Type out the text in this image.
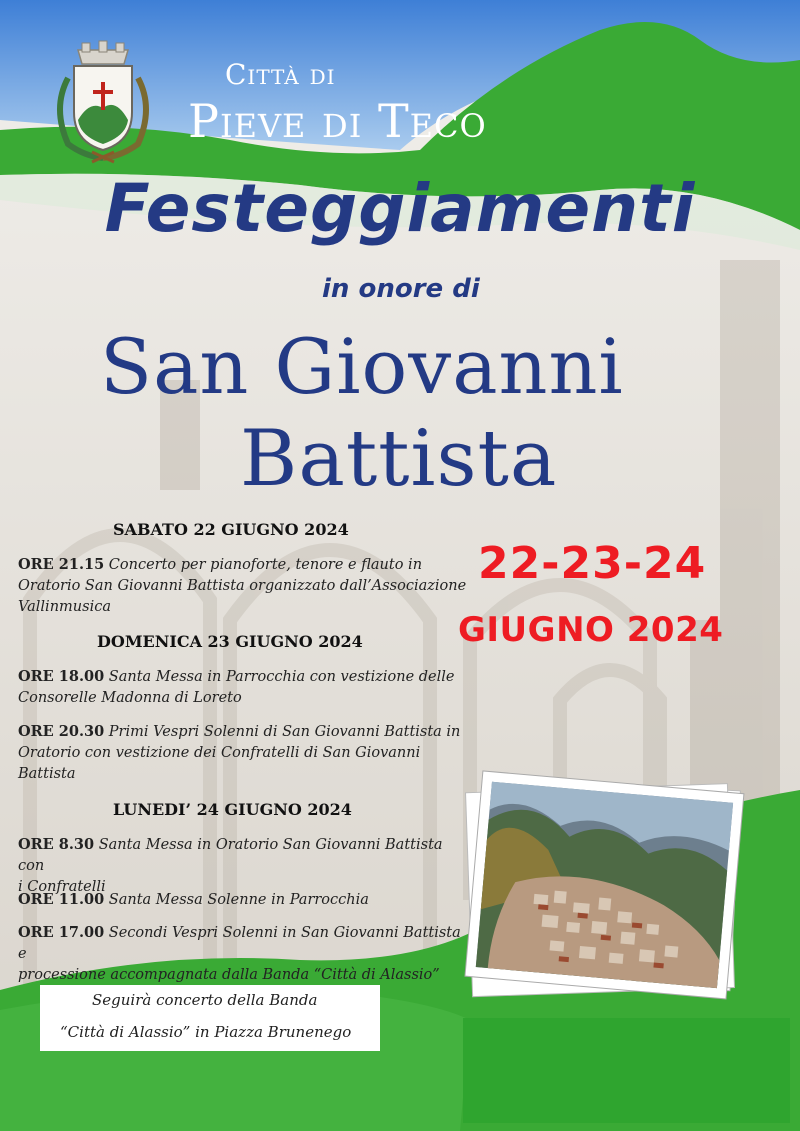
Città di
Pieve di Teco
Festeggiamenti
in onore di
San Giovanni
Battista
22-23-24
GIUGNO 2024
SABATO 22 GIUGNO 2024
ORE 21.15 Concerto per pianoforte, tenore e flauto in
Oratorio San Giovanni Battista organizzato dall’Associazione
Vallinmusica
DOMENICA 23 GIUGNO 2024
ORE 18.00 Santa Messa in Parrocchia con vestizione delle
Consorelle Madonna di Loreto
ORE 20.30 Primi Vespri Solenni di San Giovanni Battista in
Oratorio con vestizione dei Confratelli di San Giovanni
Battista
LUNEDI’ 24 GIUGNO 2024
ORE 8.30 Santa Messa in Oratorio San Giovanni Battista con
i Confratelli
ORE 11.00 Santa Messa Solenne in Parrocchia
ORE 17.00 Secondi Vespri Solenni in San Giovanni Battista e
processione accompagnata dalla Banda “Città di Alassio”
Seguirà concerto della Banda
“Città di Alassio” in Piazza Brunenego
